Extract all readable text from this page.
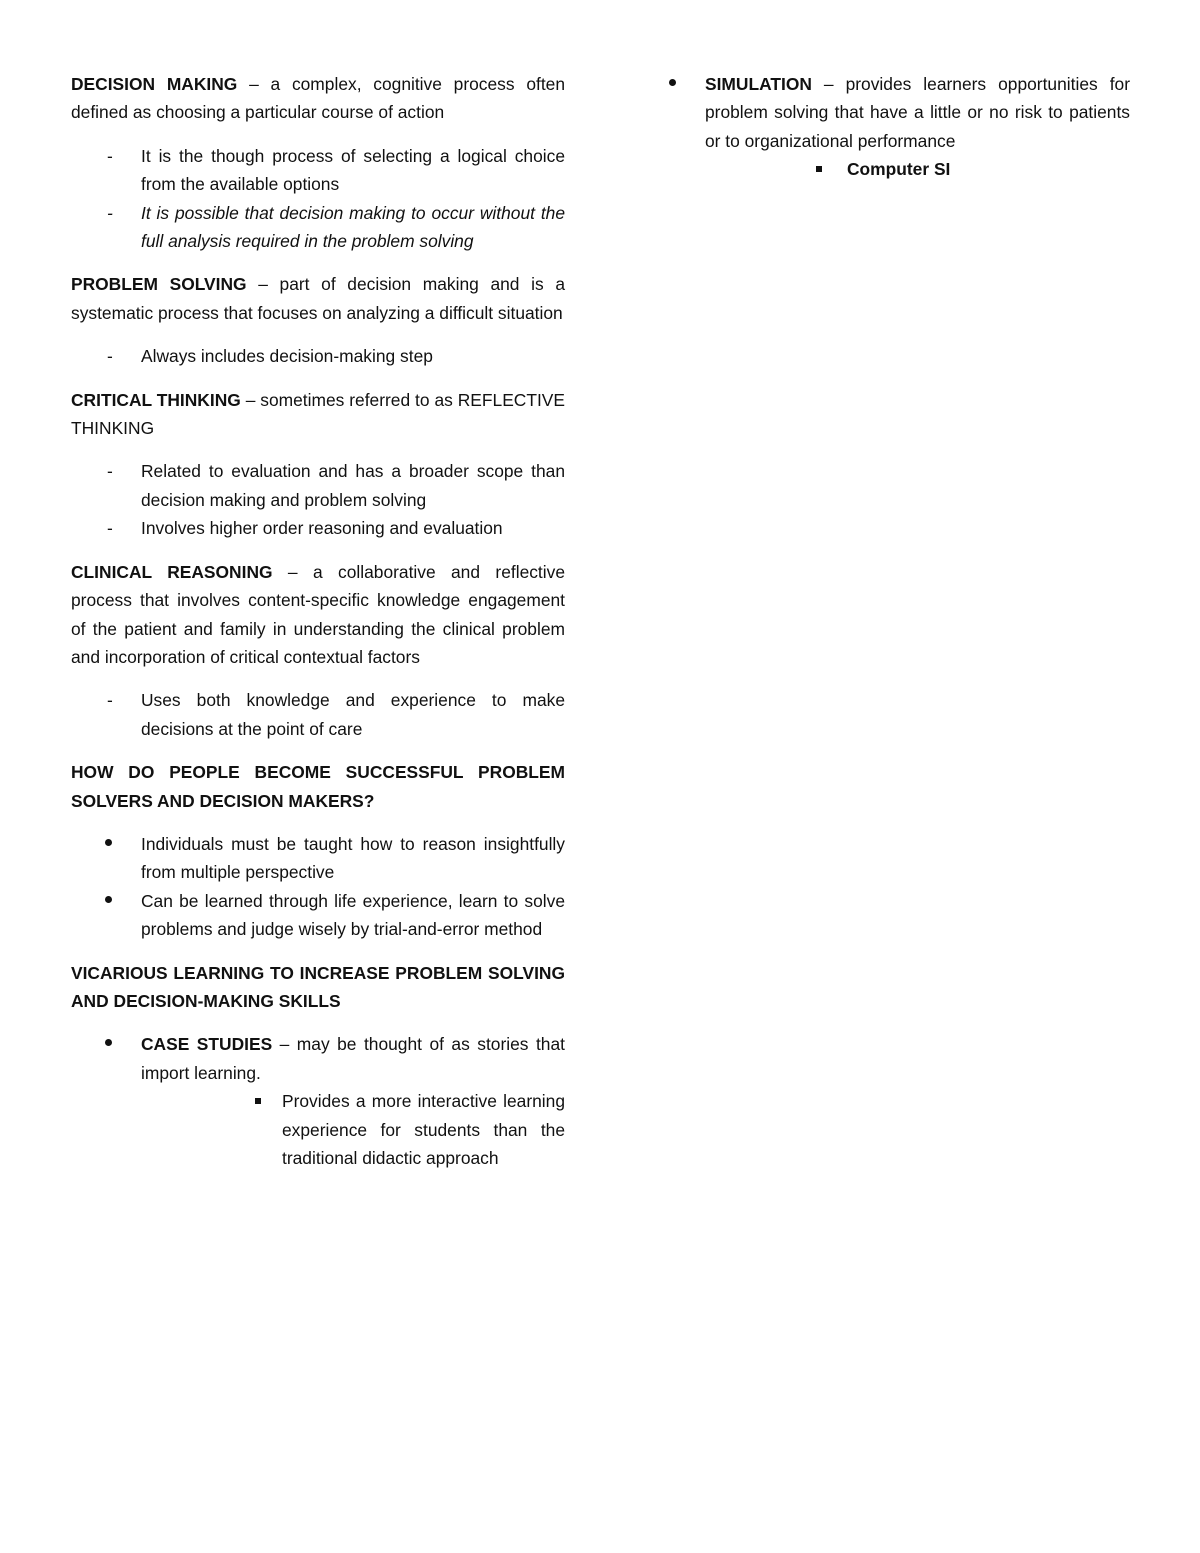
DECISION MAKING – a complex, cognitive process often defined as choosing a particular course of action

- It is the though process of selecting a logical choice from the available options
- It is possible that decision making to occur without the full analysis required in the problem solving

PROBLEM SOLVING – part of decision making and is a systematic process that focuses on analyzing a difficult situation

- Always includes decision-making step

CRITICAL THINKING – sometimes referred to as REFLECTIVE THINKING

- Related to evaluation and has a broader scope than decision making and problem solving
- Involves higher order reasoning and evaluation

CLINICAL REASONING – a collaborative and reflective process that involves content-specific knowledge engagement of the patient and family in understanding the clinical problem and incorporation of critical contextual factors

- Uses both knowledge and experience to make decisions at the point of care

HOW DO PEOPLE BECOME SUCCESSFUL PROBLEM SOLVERS AND DECISION MAKERS?

Individuals must be taught how to reason insightfully from multiple perspective
Can be learned through life experience, learn to solve problems and judge wisely by trial-and-error method

VICARIOUS LEARNING TO INCREASE PROBLEM SOLVING AND DECISION-MAKING SKILLS

CASE STUDIES – may be thought of as stories that import learning.
Provides a more interactive learning experience for students than the traditional didactic approach
SIMULATION – provides learners opportunities for problem solving that have a little or no risk to patients or to organizational performance
Computer SI
